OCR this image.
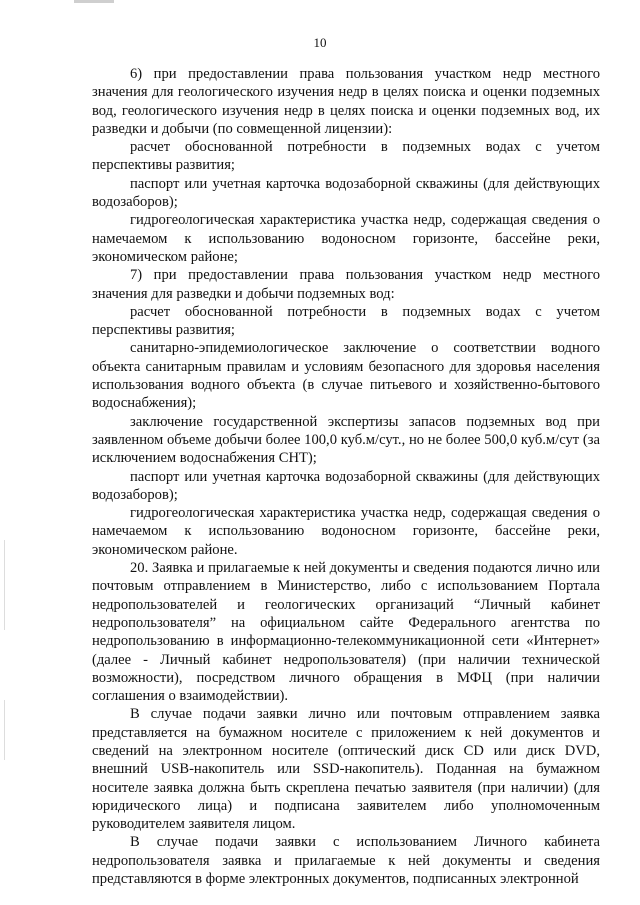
10

6) при предоставлении права пользования участком недр местного значения для геологического изучения недр в целях поиска и оценки подземных вод, геологического изучения недр в целях поиска и оценки подземных вод, их разведки и добычи (по совмещенной лицензии):

расчет обоснованной потребности в подземных водах с учетом перспективы развития;

паспорт или учетная карточка водозаборной скважины (для действующих водозаборов);

гидрогеологическая характеристика участка недр, содержащая сведения о намечаемом к использованию водоносном горизонте, бассейне реки, экономическом районе;

7) при предоставлении права пользования участком недр местного значения для разведки и добычи подземных вод:

расчет обоснованной потребности в подземных водах с учетом перспективы развития;

санитарно-эпидемиологическое заключение о соответствии водного объекта санитарным правилам и условиям безопасного для здоровья населения использования водного объекта (в случае питьевого и хозяйственно-бытового водоснабжения);

заключение государственной экспертизы запасов подземных вод при заявленном объеме добычи более 100,0 куб.м/сут., но не более 500,0 куб.м/сут (за исключением водоснабжения СНТ);

паспорт или учетная карточка водозаборной скважины (для действующих водозаборов);

гидрогеологическая характеристика участка недр, содержащая сведения о намечаемом к использованию водоносном горизонте, бассейне реки, экономическом районе.

20. Заявка и прилагаемые к ней документы и сведения подаются лично или почтовым отправлением в Министерство, либо с использованием Портала недропользователей и геологических организаций “Личный кабинет недропользователя” на официальном сайте Федерального агентства по недропользованию в информационно-телекоммуникационной сети «Интернет» (далее - Личный кабинет недропользователя) (при наличии технической возможности), посредством личного обращения в МФЦ (при наличии соглашения о взаимодействии).

В случае подачи заявки лично или почтовым отправлением заявка представляется на бумажном носителе с приложением к ней документов и сведений на электронном носителе (оптический диск CD или диск DVD, внешний USB-накопитель или SSD-накопитель). Поданная на бумажном носителе заявка должна быть скреплена печатью заявителя (при наличии) (для юридического лица) и подписана заявителем либо уполномоченным руководителем заявителя лицом.

В случае подачи заявки с использованием Личного кабинета недропользователя заявка и прилагаемые к ней документы и сведения представляются в форме электронных документов, подписанных электронной
